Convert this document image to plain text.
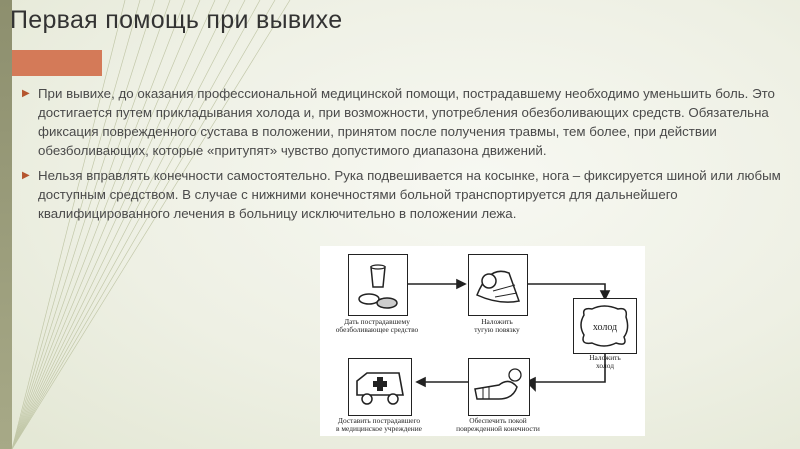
Первая помощь при вывихе

▶ При вывихе, до оказания профессиональной медицинской помощи, пострадавшему необходимо уменьшить боль. Это достигается путем прикладывания холода и, при возможности, употребления обезболивающих средств. Обязательна фиксация поврежденного сустава в положении, принятом после получения травмы, тем более, при действии обезболивающих, которые «притупят» чувство допустимого диапазона движений.

▶ Нельзя вправлять конечности самостоятельно. Рука подвешивается на косынке, нога – фиксируется шиной или любым доступным средством. В случае с нижними конечностями больной транспортируется для дальнейшего квалифицированного лечения в больницу исключительно в положении лежа.

Дать пострадавшему
обезболивающее средство
Наложить
тугую повязку	холод
Наложить
холод
Обеспечить покой
поврежденной конечности
Доставить пострадавшего
в медицинское учреждение
